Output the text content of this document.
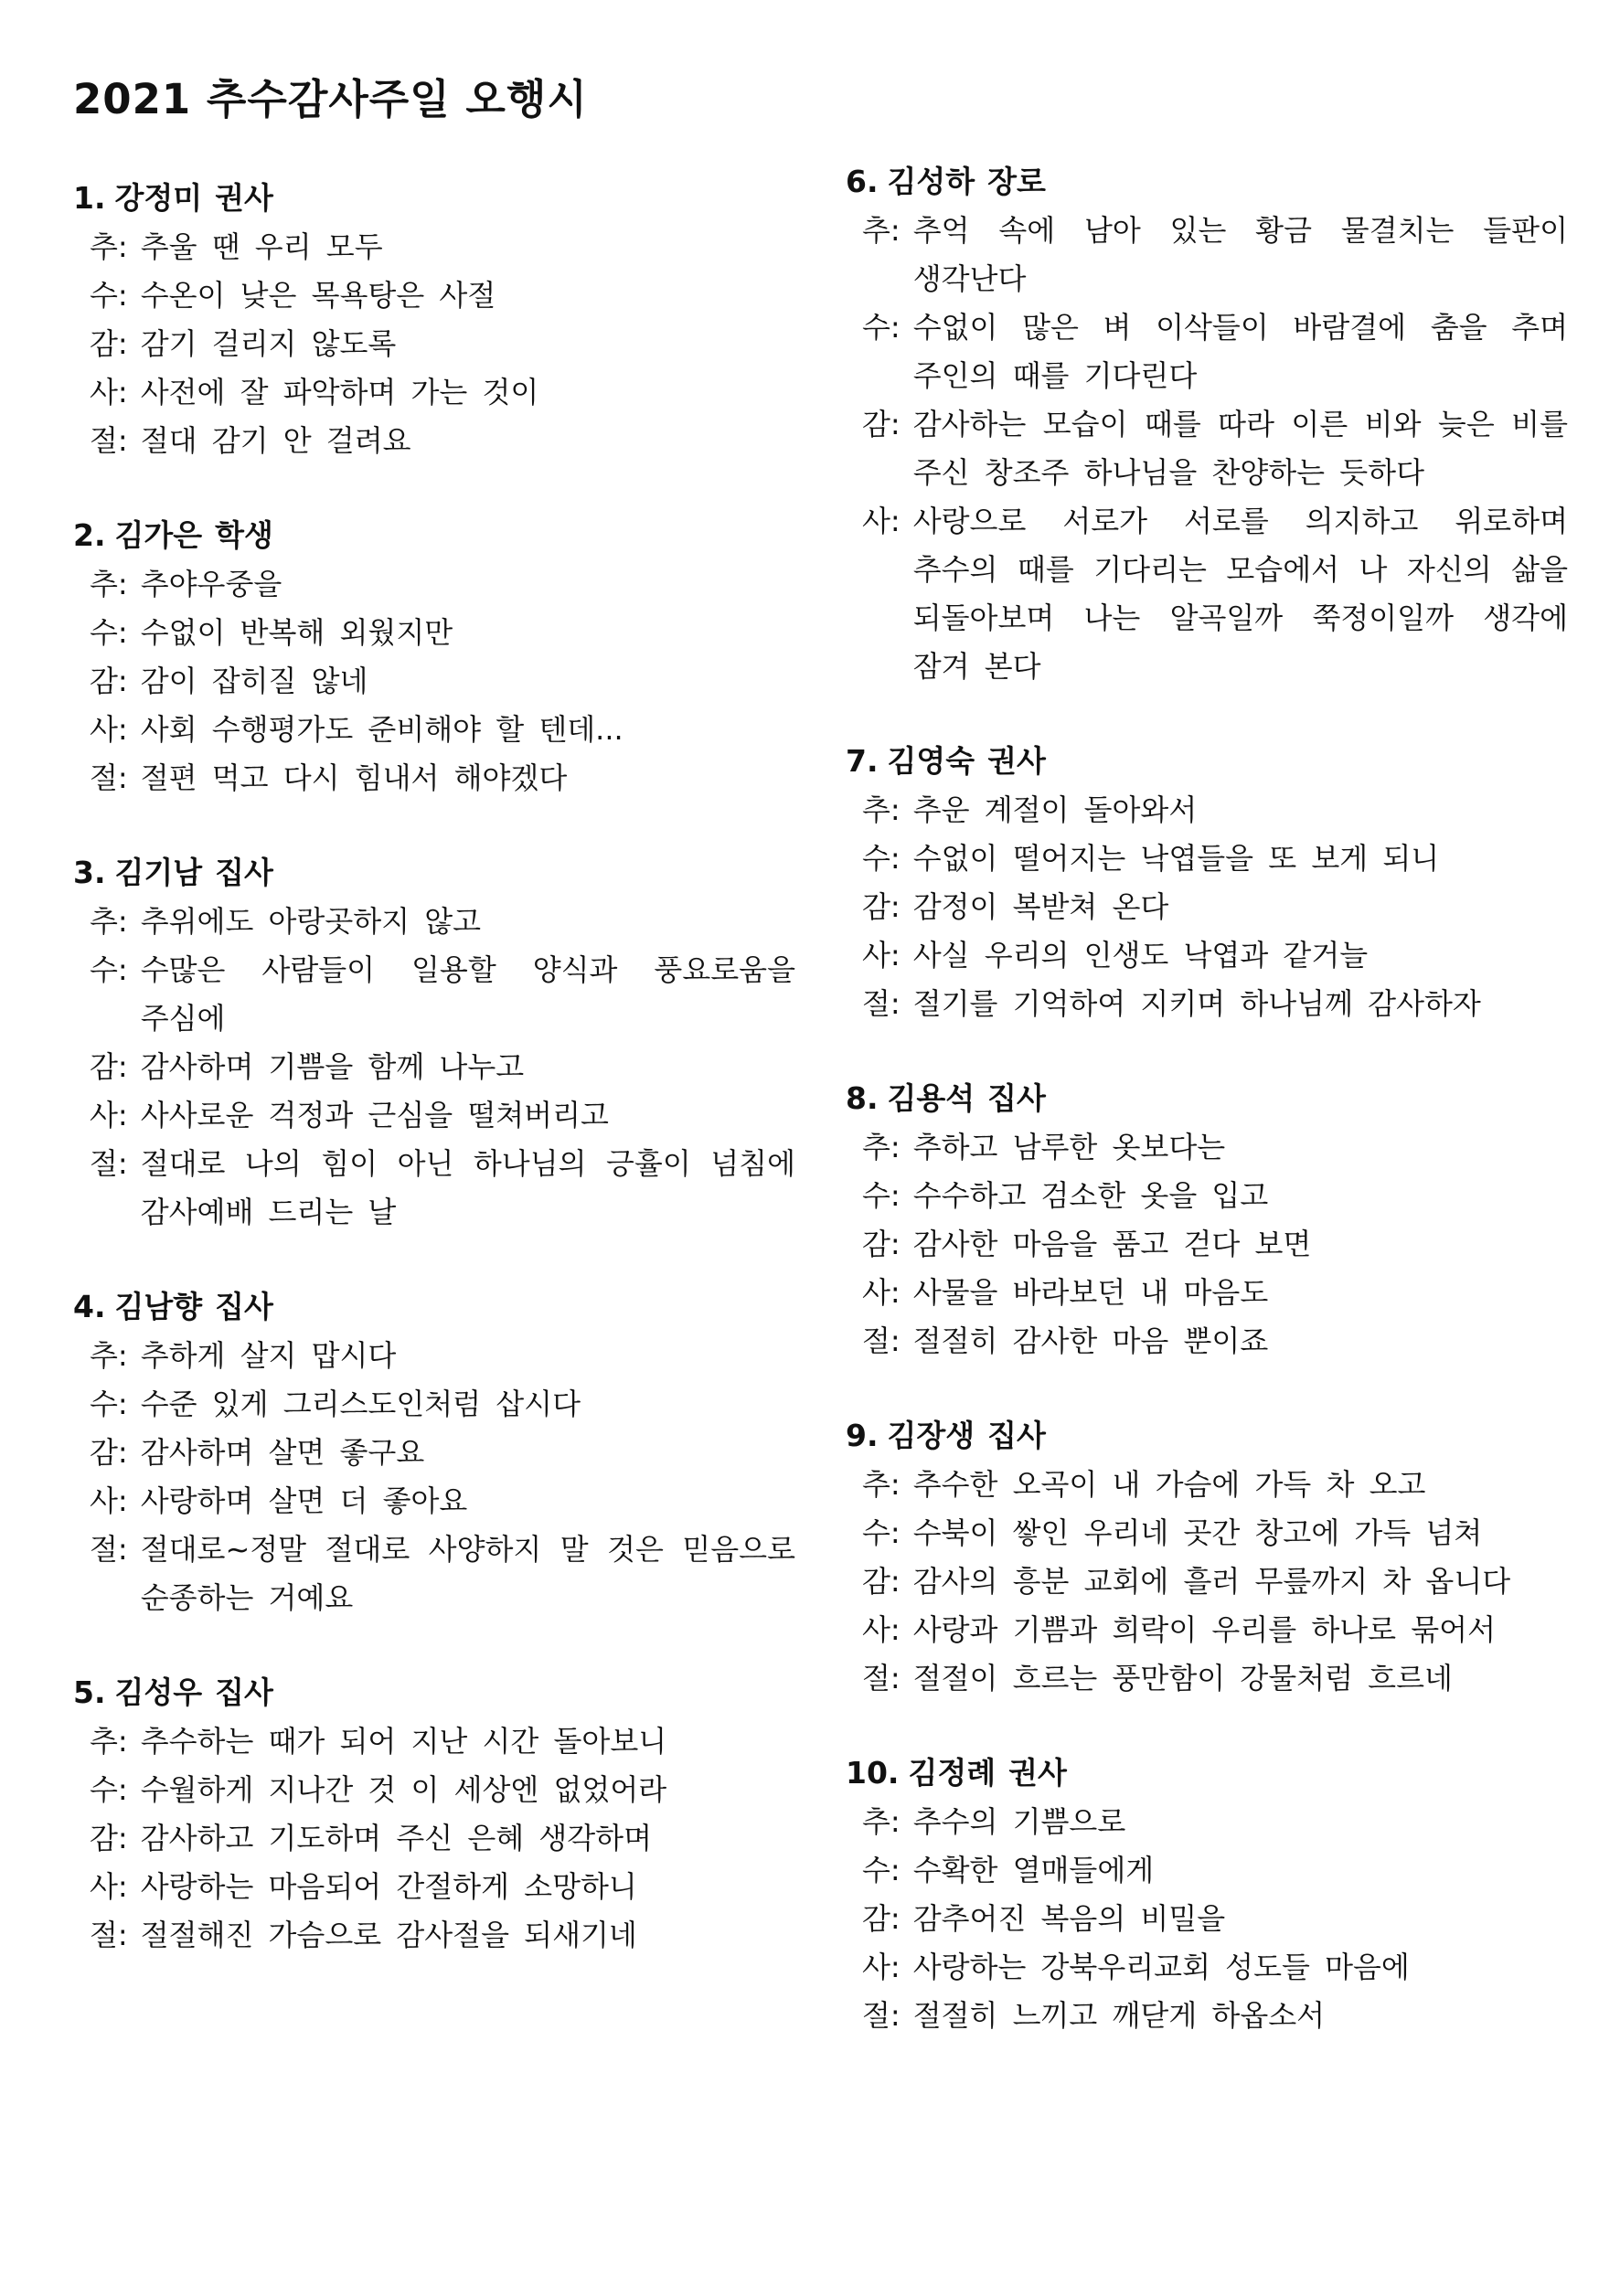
2021 추수감사주일 오행시
1. 강정미 권사
추 : 추울 땐 우리 모두
수 : 수온이 낮은 목욕탕은 사절
감 : 감기 걸리지 않도록
사 : 사전에 잘 파악하며 가는 것이
절 : 절대 감기 안 걸려요
2. 김가은 학생
추 : 추야우중을
수 : 수없이 반복해 외웠지만
감 : 감이 잡히질 않네
사 : 사회 수행평가도 준비해야 할 텐데...
절 : 절편 먹고 다시 힘내서 해야겠다
3. 김기남 집사
추 : 추위에도 아랑곳하지 않고
수 : 수많은 사람들이 일용할 양식과 풍요로움을 주심에
감 : 감사하며 기쁨을 함께 나누고
사 : 사사로운 걱정과 근심을 떨쳐버리고
절 : 절대로 나의 힘이 아닌 하나님의 긍휼이 넘침에 감사예배 드리는 날
4. 김남향 집사
추 : 추하게 살지 맙시다
수 : 수준 있게 그리스도인처럼 삽시다
감 : 감사하며 살면 좋구요
사 : 사랑하며 살면 더 좋아요
절 : 절대로~정말 절대로 사양하지 말 것은 믿음으로 순종하는 거예요
5. 김성우 집사
추 : 추수하는 때가 되어 지난 시간 돌아보니
수 : 수월하게 지나간 것 이 세상엔 없었어라
감 : 감사하고 기도하며 주신 은혜 생각하며
사 : 사랑하는 마음되어 간절하게 소망하니
절 : 절절해진 가슴으로 감사절을 되새기네
6. 김성하 장로
추 : 추억 속에 남아 있는 황금 물결치는 들판이 생각난다
수 : 수없이 많은 벼 이삭들이 바람결에 춤을 추며 주인의 때를 기다린다
감 : 감사하는 모습이 때를 따라 이른 비와 늦은 비를 주신 창조주 하나님을 찬양하는 듯하다
사 : 사랑으로 서로가 서로를 의지하고 위로하며 추수의 때를 기다리는 모습에서 나 자신의 삶을 되돌아보며 나는 알곡일까 쭉정이일까 생각에 잠겨 본다
7. 김영숙 권사
추 : 추운 계절이 돌아와서
수 : 수없이 떨어지는 낙엽들을 또 보게 되니
감 : 감정이 복받쳐 온다
사 : 사실 우리의 인생도 낙엽과 같거늘
절 : 절기를 기억하여 지키며 하나님께 감사하자
8. 김용석 집사
추 : 추하고 남루한 옷보다는
수 : 수수하고 검소한 옷을 입고
감 : 감사한 마음을 품고 걷다 보면
사 : 사물을 바라보던 내 마음도
절 : 절절히 감사한 마음 뿐이죠
9. 김장생 집사
추 : 추수한 오곡이 내 가슴에 가득 차 오고
수 : 수북이 쌓인 우리네 곳간 창고에 가득 넘쳐
감 : 감사의 흥분 교회에 흘러 무릎까지 차 옵니다
사 : 사랑과 기쁨과 희락이 우리를 하나로 묶어서
절 : 절절이 흐르는 풍만함이 강물처럼 흐르네
10. 김정례 권사
추 : 추수의 기쁨으로
수 : 수확한 열매들에게
감 : 감추어진 복음의 비밀을
사 : 사랑하는 강북우리교회 성도들 마음에
절 : 절절히 느끼고 깨닫게 하옵소서
